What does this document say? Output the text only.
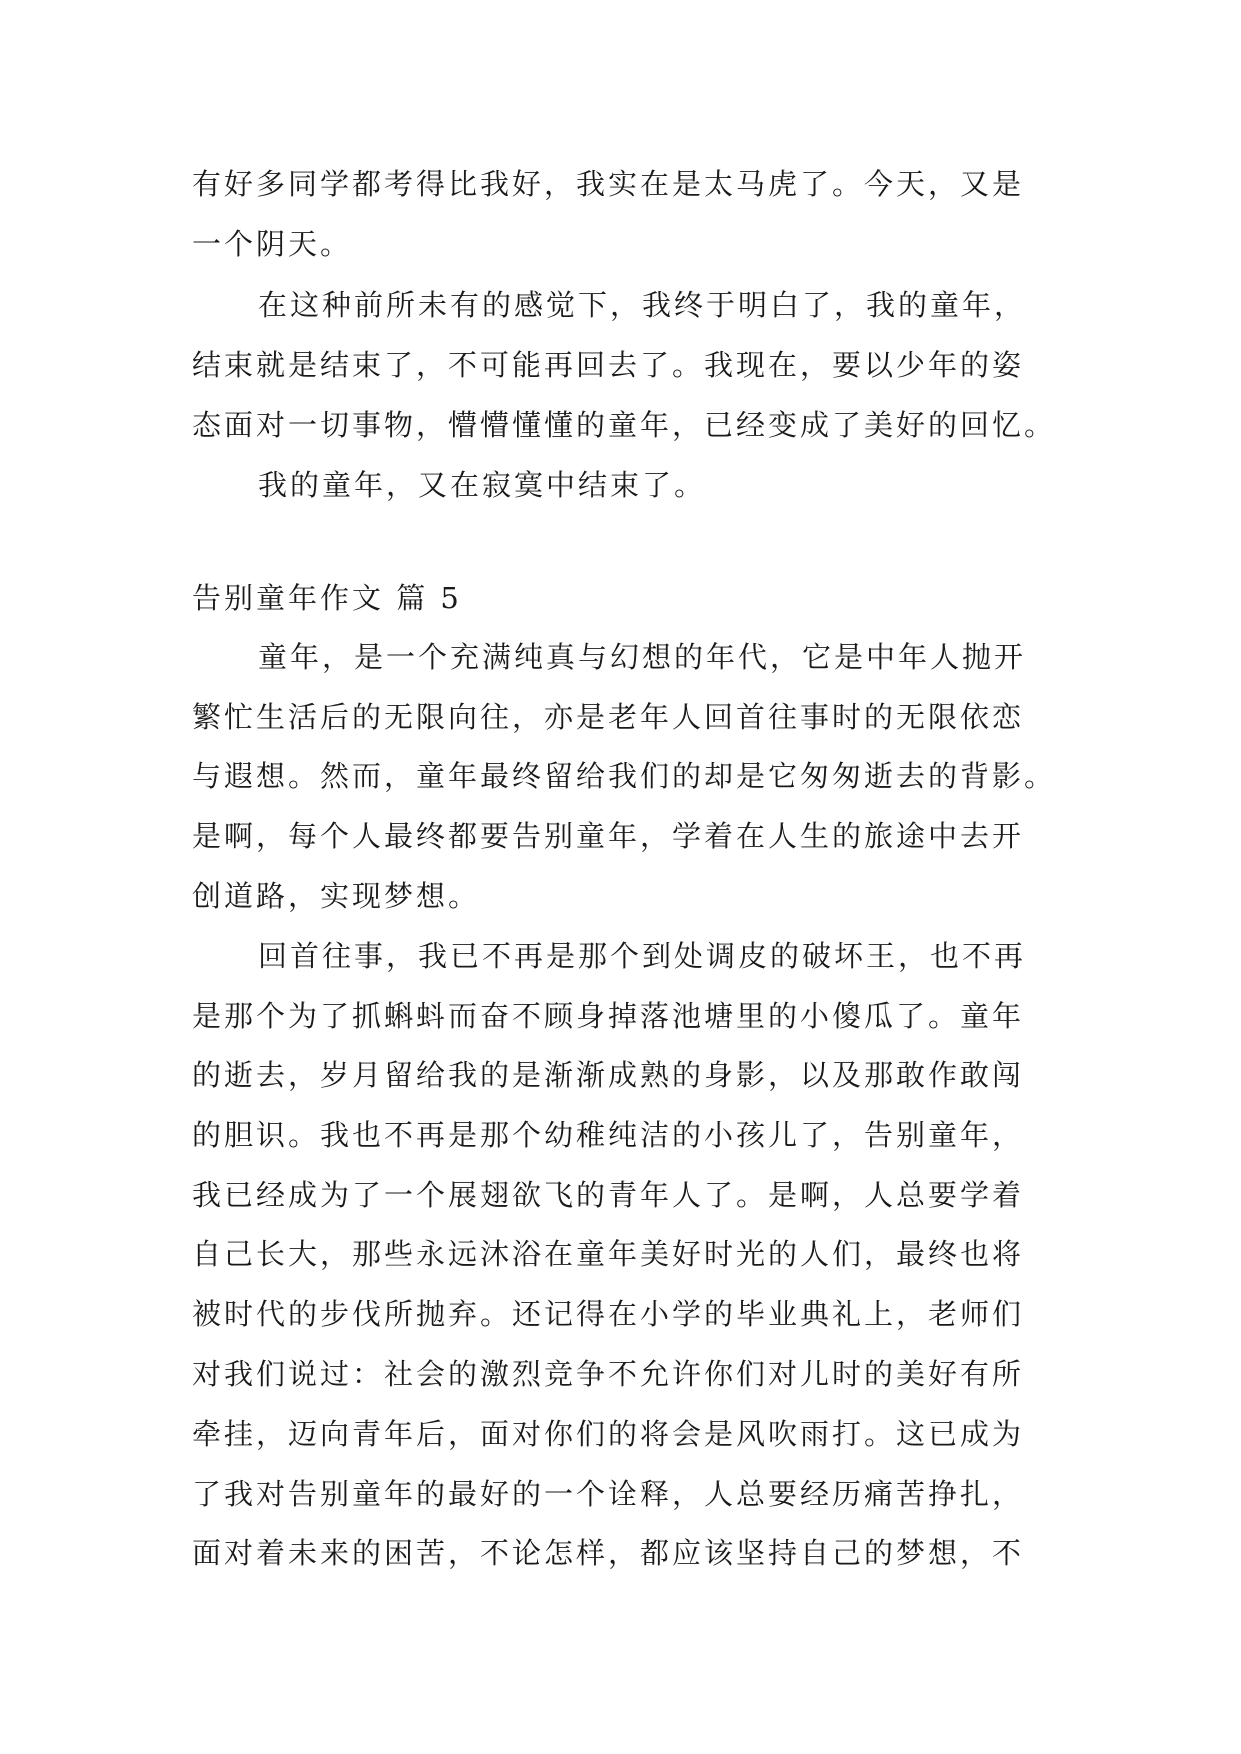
有好多同学都考得比我好，我实在是太马虎了。今天，又是
一个阴天。
在这种前所未有的感觉下，我终于明白了，我的童年，
结束就是结束了，不可能再回去了。我现在，要以少年的姿
态面对一切事物，懵懵懂懂的童年，已经变成了美好的回忆。
我的童年，又在寂寞中结束了。
告别童年作文 篇 5
童年，是一个充满纯真与幻想的年代，它是中年人抛开
繁忙生活后的无限向往，亦是老年人回首往事时的无限依恋
与遐想。然而，童年最终留给我们的却是它匆匆逝去的背影。
是啊，每个人最终都要告别童年，学着在人生的旅途中去开
创道路，实现梦想。
回首往事，我已不再是那个到处调皮的破坏王，也不再
是那个为了抓蝌蚪而奋不顾身掉落池塘里的小傻瓜了。童年
的逝去，岁月留给我的是渐渐成熟的身影，以及那敢作敢闯
的胆识。我也不再是那个幼稚纯洁的小孩儿了，告别童年，
我已经成为了一个展翅欲飞的青年人了。是啊，人总要学着
自己长大，那些永远沐浴在童年美好时光的人们，最终也将
被时代的步伐所抛弃。还记得在小学的毕业典礼上，老师们
对我们说过：社会的激烈竞争不允许你们对儿时的美好有所
牵挂，迈向青年后，面对你们的将会是风吹雨打。这已成为
了我对告别童年的最好的一个诠释，人总要经历痛苦挣扎，
面对着未来的困苦，不论怎样，都应该坚持自己的梦想，不
